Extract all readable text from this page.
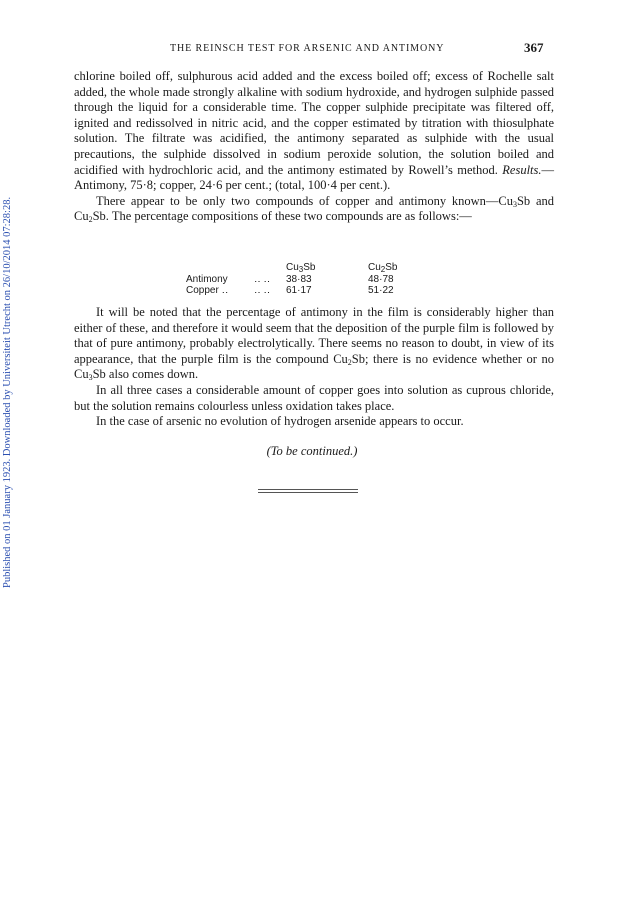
Published on 01 January 1923. Downloaded by Universiteit Utrecht on 26/10/2014 07:28:28.
THE REINSCH TEST FOR ARSENIC AND ANTIMONY	367

chlorine boiled off, sulphurous acid added and the excess boiled off; excess of Rochelle salt added, the whole made strongly alkaline with sodium hydroxide, and hydrogen sulphide passed through the liquid for a considerable time. The copper sulphide precipitate was filtered off, ignited and redissolved in nitric acid, and the copper estimated by titration with thiosulphate solution. The filtrate was acidified, the antimony separated as sulphide with the usual precautions, the sulphide dissolved in sodium peroxide solution, the solution boiled and acidified with hydrochloric acid, and the antimony estimated by Rowell’s method. Results.— Antimony, 75·8; copper, 24·6 per cent.; (total, 100·4 per cent.).

There appear to be only two compounds of copper and antimony $known—Cu_3Sb$ and $Cu_2Sb$. The percentage compositions of these two compounds are as follows:—

		$Cu_3Sb$	$Cu_2Sb$
Antimony	‥ ‥	38·83	48·78
Copper ‥	‥ ‥	61·17	51·22

It will be noted that the percentage of antimony in the film is considerably higher than either of these, and therefore it would seem that the deposition of the purple film is followed by that of pure antimony, probably electrolytically. There seems no reason to doubt, in view of its appearance, that the purple film is the compound $Cu_2Sb$; there is no evidence whether or no $Cu_3Sb$ also comes down.

In all three cases a considerable amount of copper goes into solution as cuprous chloride, but the solution remains colourless unless oxidation takes place.

In the case of arsenic no evolution of hydrogen arsenide appears to occur.

(To be continued.)
